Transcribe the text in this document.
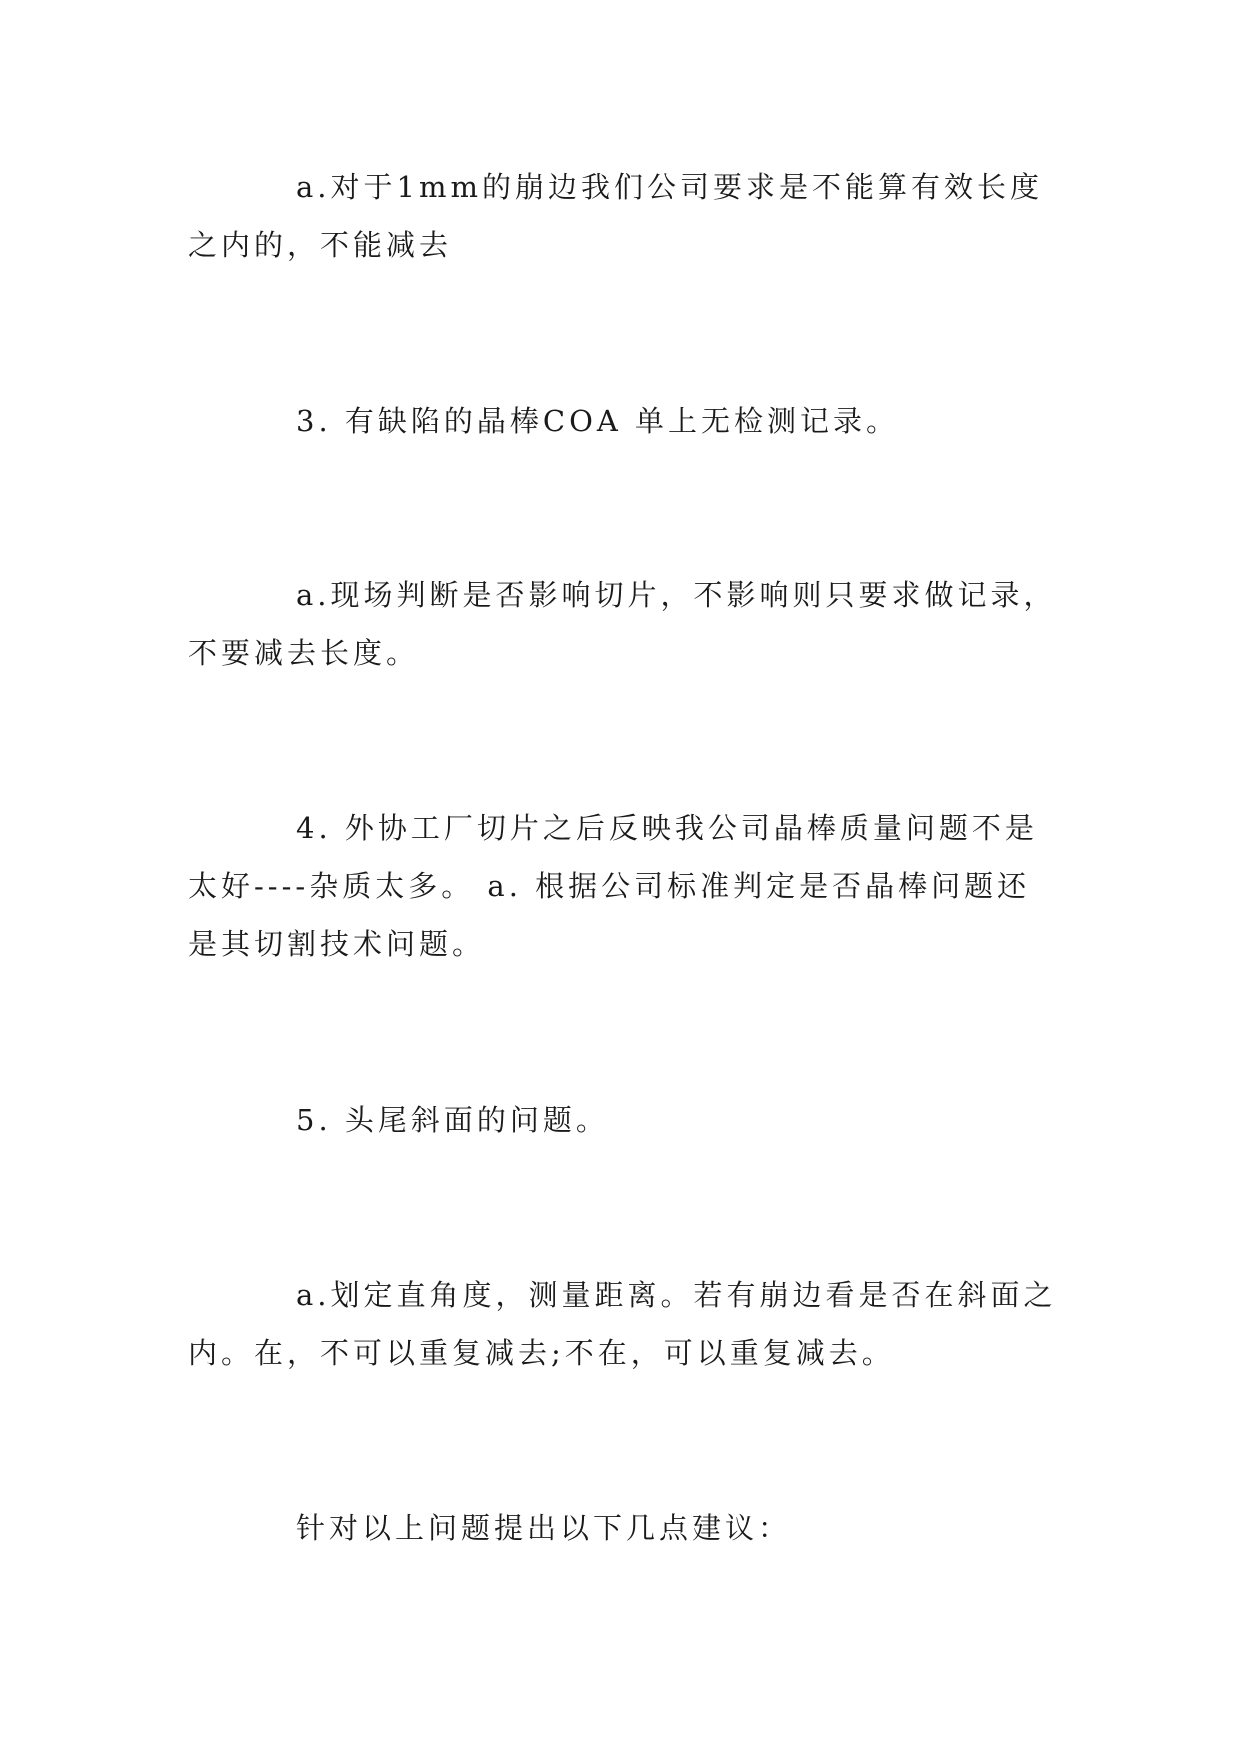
a.对于1mm的崩边我们公司要求是不能算有效长度之内的，不能减去

3. 有缺陷的晶棒COA 单上无检测记录。

a.现场判断是否影响切片，不影响则只要求做记录，不要减去长度。

4. 外协工厂切片之后反映我公司晶棒质量问题不是太好----杂质太多。 a. 根据公司标准判定是否晶棒问题还是其切割技术问题。

5. 头尾斜面的问题。

a.划定直角度，测量距离。若有崩边看是否在斜面之内。在，不可以重复减去;不在，可以重复减去。

针对以上问题提出以下几点建议：
